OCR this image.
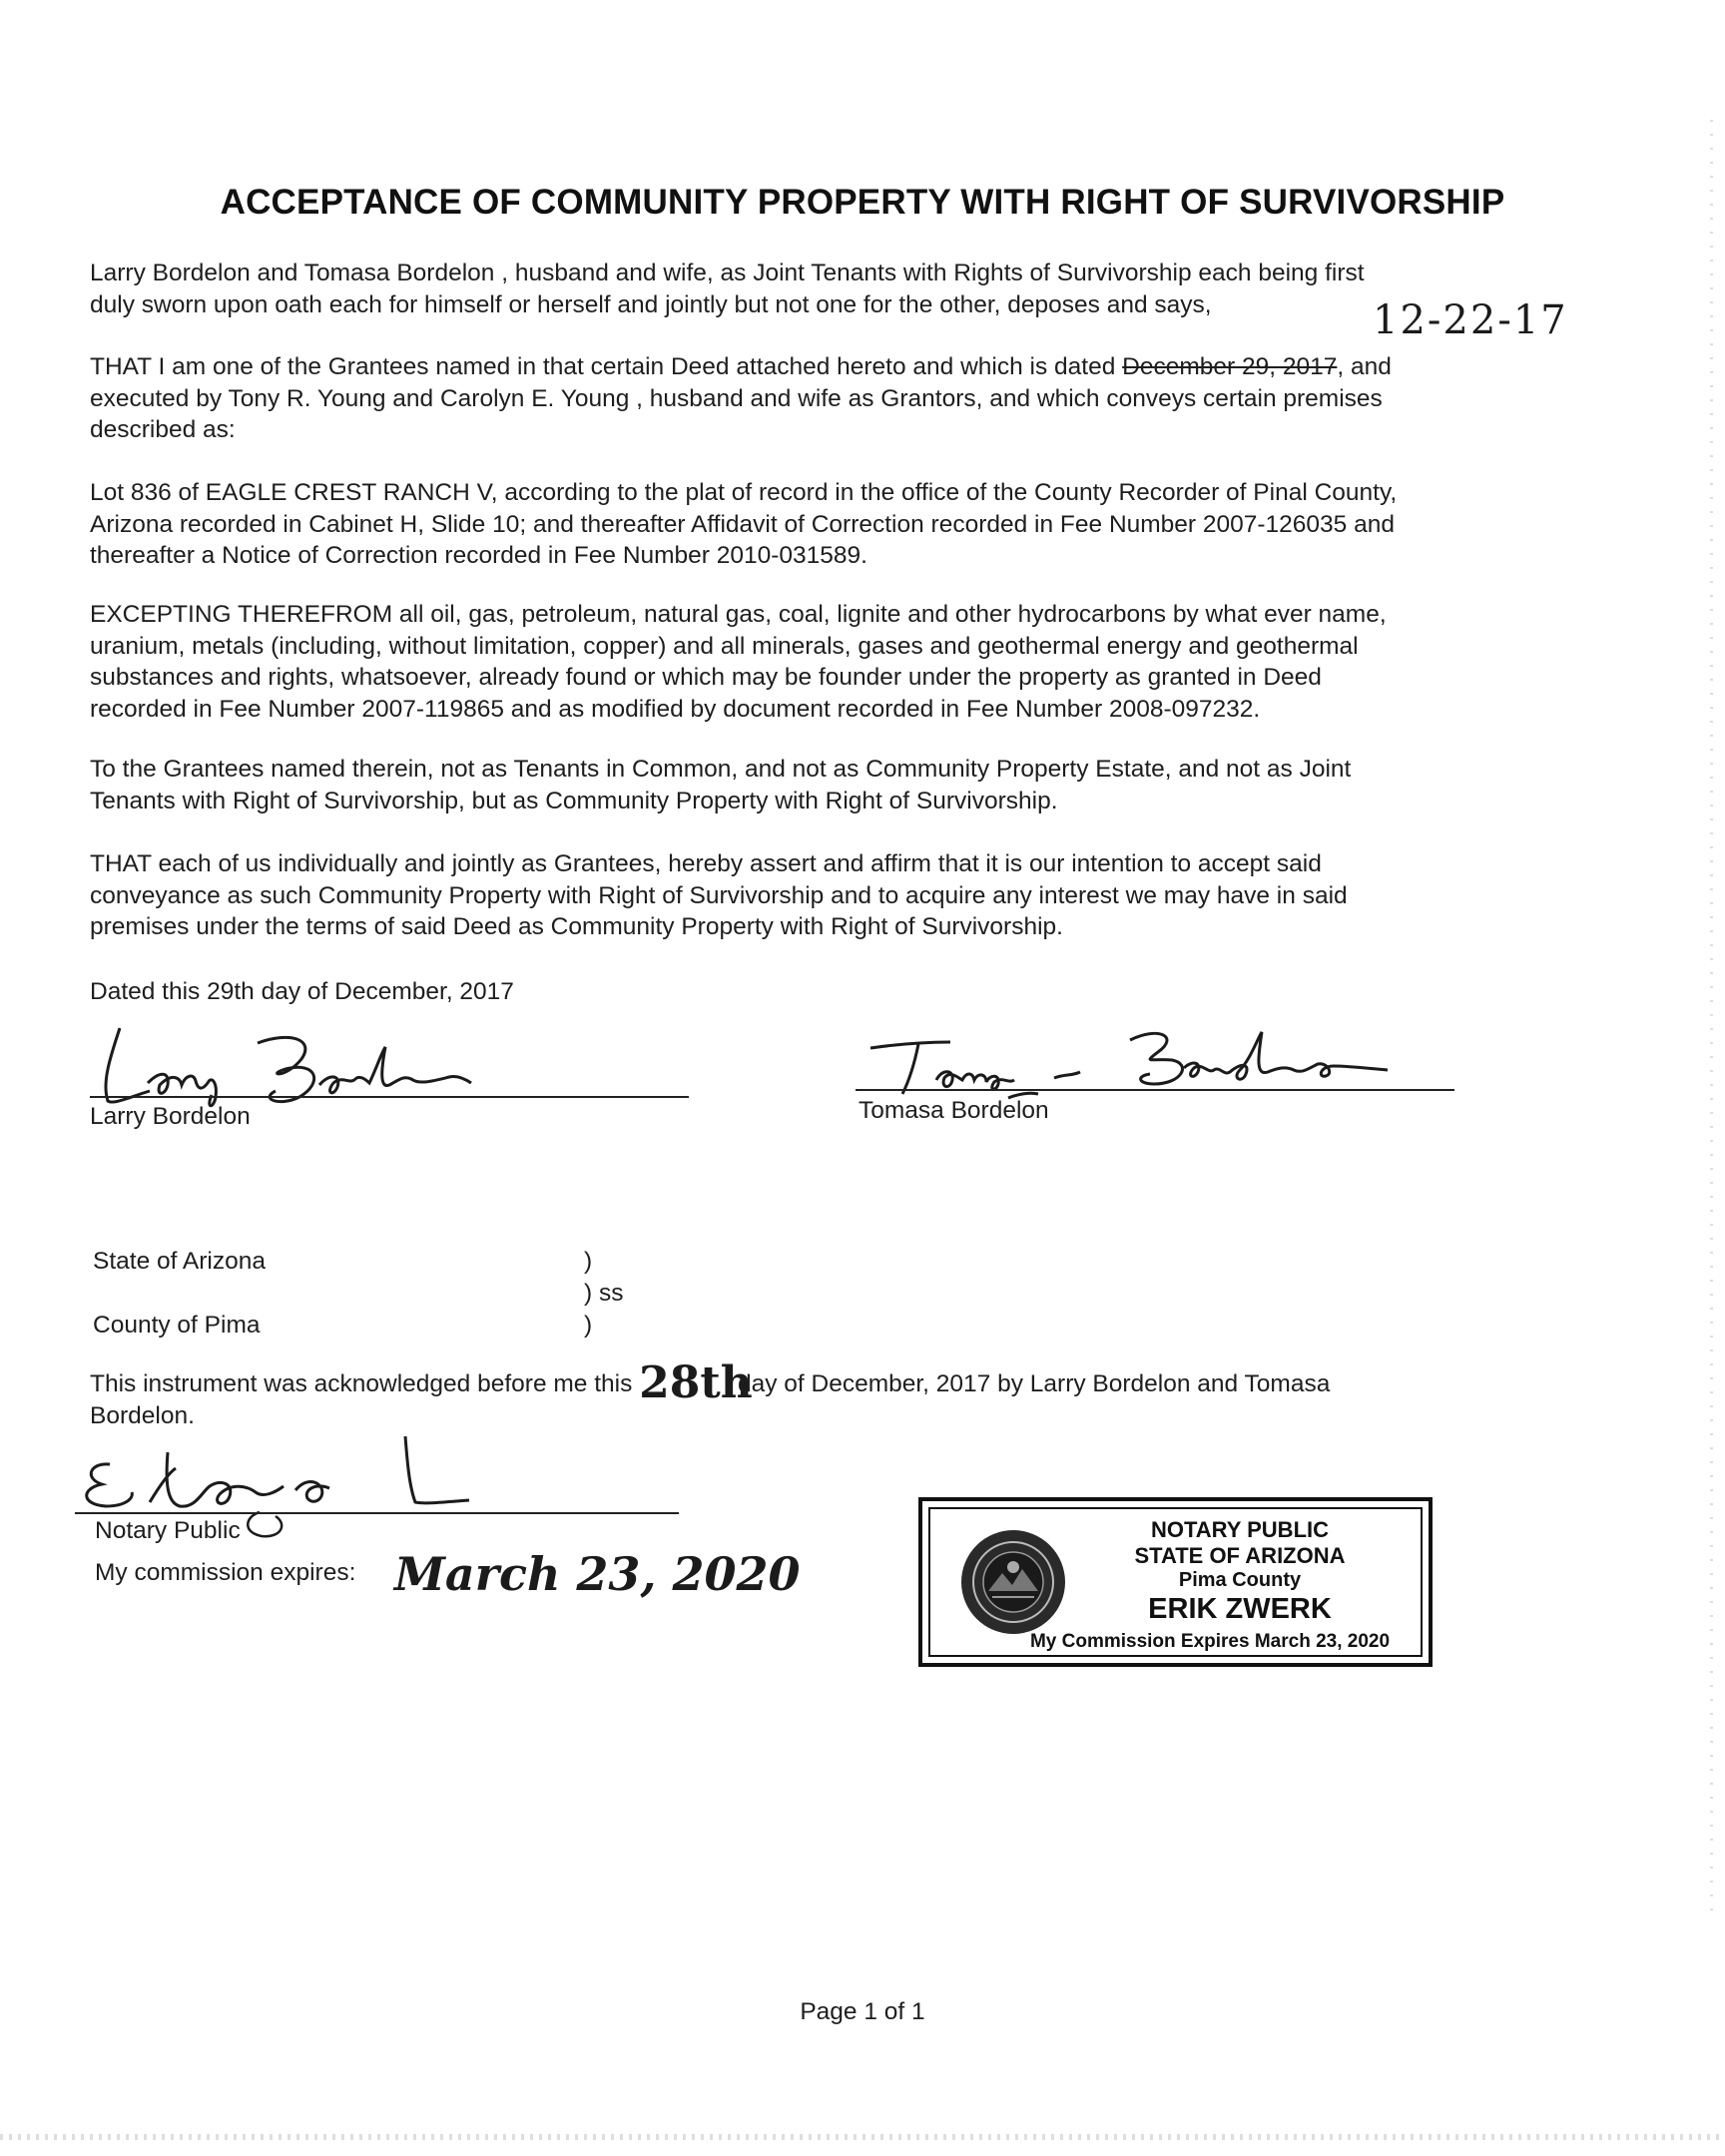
ACCEPTANCE OF COMMUNITY PROPERTY WITH RIGHT OF SURVIVORSHIP
Larry Bordelon and Tomasa Bordelon , husband and wife, as Joint Tenants with Rights of Survivorship each being first
duly sworn upon oath each for himself or herself and jointly but not one for the other, deposes and says,	12-22-17
THAT I am one of the Grantees named in that certain Deed attached hereto and which is dated December 29, 2017, and
executed by Tony R. Young and Carolyn E. Young , husband and wife as Grantors, and which conveys certain premises
described as:
Lot 836 of EAGLE CREST RANCH V, according to the plat of record in the office of the County Recorder of Pinal County,
Arizona recorded in Cabinet H, Slide 10; and thereafter Affidavit of Correction recorded in Fee Number 2007-126035 and
thereafter a Notice of Correction recorded in Fee Number 2010-031589.
EXCEPTING THEREFROM all oil, gas, petroleum, natural gas, coal, lignite and other hydrocarbons by what ever name,
uranium, metals (including, without limitation, copper) and all minerals, gases and geothermal energy and geothermal
substances and rights, whatsoever, already found or which may be founder under the property as granted in Deed
recorded in Fee Number 2007-119865 and as modified by document recorded in Fee Number 2008-097232.
To the Grantees named therein, not as Tenants in Common, and not as Community Property Estate, and not as Joint
Tenants with Right of Survivorship, but as Community Property with Right of Survivorship.
THAT each of us individually and jointly as Grantees, hereby assert and affirm that it is our intention to accept said
conveyance as such Community Property with Right of Survivorship and to acquire any interest we may have in said
premises under the terms of said Deed as Community Property with Right of Survivorship.
Dated this 29th day of December, 2017
Larry Bordelon	Tomasa Bordelon
State of Arizona
County of Pima
)
) ss
)
This instrument was acknowledged before me this 28th day of December, 2017 by Larry Bordelon and Tomasa
Bordelon.
Notary Public
My commission expires: March 23, 2020
NOTARY PUBLIC
STATE OF ARIZONA
Pima County
ERIK ZWERK
My Commission Expires March 23, 2020
Page 1 of 1
